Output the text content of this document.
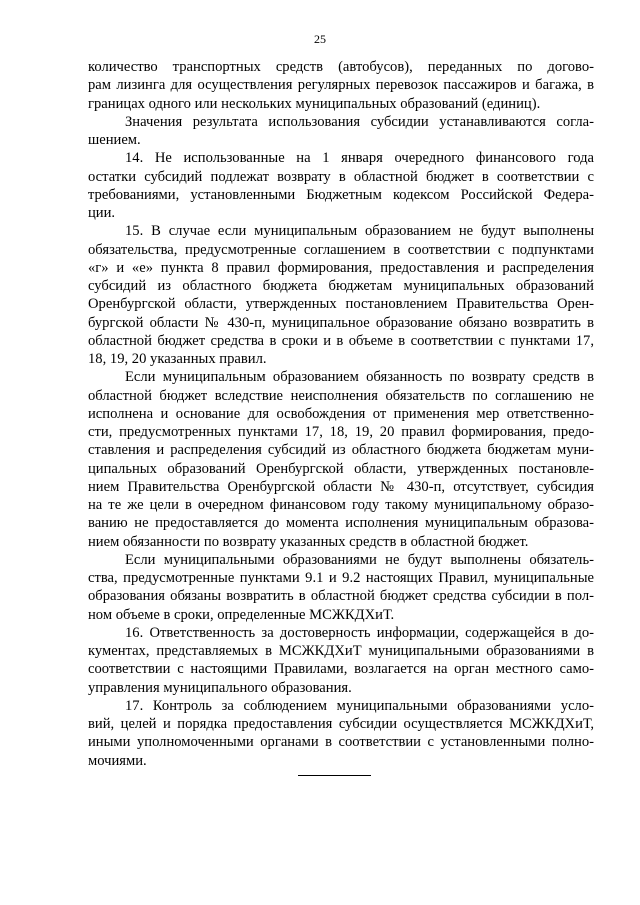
25
количество транспортных средств (автобусов), переданных по догово-
рам лизинга для осуществления регулярных перевозок пассажиров и багажа, в
границах одного или нескольких муниципальных образований (единиц).
Значения результата использования субсидии устанавливаются согла-
шением.
14. Не использованные на 1 января очередного финансового года
остатки субсидий подлежат возврату в областной бюджет в соответствии с
требованиями, установленными Бюджетным кодексом Российской Федера-
ции.
15. В случае если муниципальным образованием не будут выполнены
обязательства, предусмотренные соглашением в соответствии с подпунктами
«г» и «е» пункта 8 правил формирования, предоставления и распределения
субсидий из областного бюджета бюджетам муниципальных образований
Оренбургской области, утвержденных постановлением Правительства Орен-
бургской области № 430-п, муниципальное образование обязано возвратить в
областной бюджет средства в сроки и в объеме в соответствии с пунктами 17,
18, 19, 20 указанных правил.
Если муниципальным образованием обязанность по возврату средств в
областной бюджет вследствие неисполнения обязательств по соглашению не
исполнена и основание для освобождения от применения мер ответственно-
сти, предусмотренных пунктами 17, 18, 19, 20 правил формирования, предо-
ставления и распределения субсидий из областного бюджета бюджетам муни-
ципальных образований Оренбургской области, утвержденных постановле-
нием Правительства Оренбургской области № 430-п, отсутствует, субсидия
на те же цели в очередном финансовом году такому муниципальному образо-
ванию не предоставляется до момента исполнения муниципальным образова-
нием обязанности по возврату указанных средств в областной бюджет.
Если муниципальными образованиями не будут выполнены обязатель-
ства, предусмотренные пунктами 9.1 и 9.2 настоящих Правил, муниципальные
образования обязаны возвратить в областной бюджет средства субсидии в пол-
ном объеме в сроки, определенные МСЖКДХиТ.
16. Ответственность за достоверность информации, содержащейся в до-
кументах, представляемых в МСЖКДХиТ муниципальными образованиями в
соответствии с настоящими Правилами, возлагается на орган местного само-
управления муниципального образования.
17. Контроль за соблюдением муниципальными образованиями усло-
вий, целей и порядка предоставления субсидии осуществляется МСЖКДХиТ,
иными уполномоченными органами в соответствии с установленными полно-
мочиями.
